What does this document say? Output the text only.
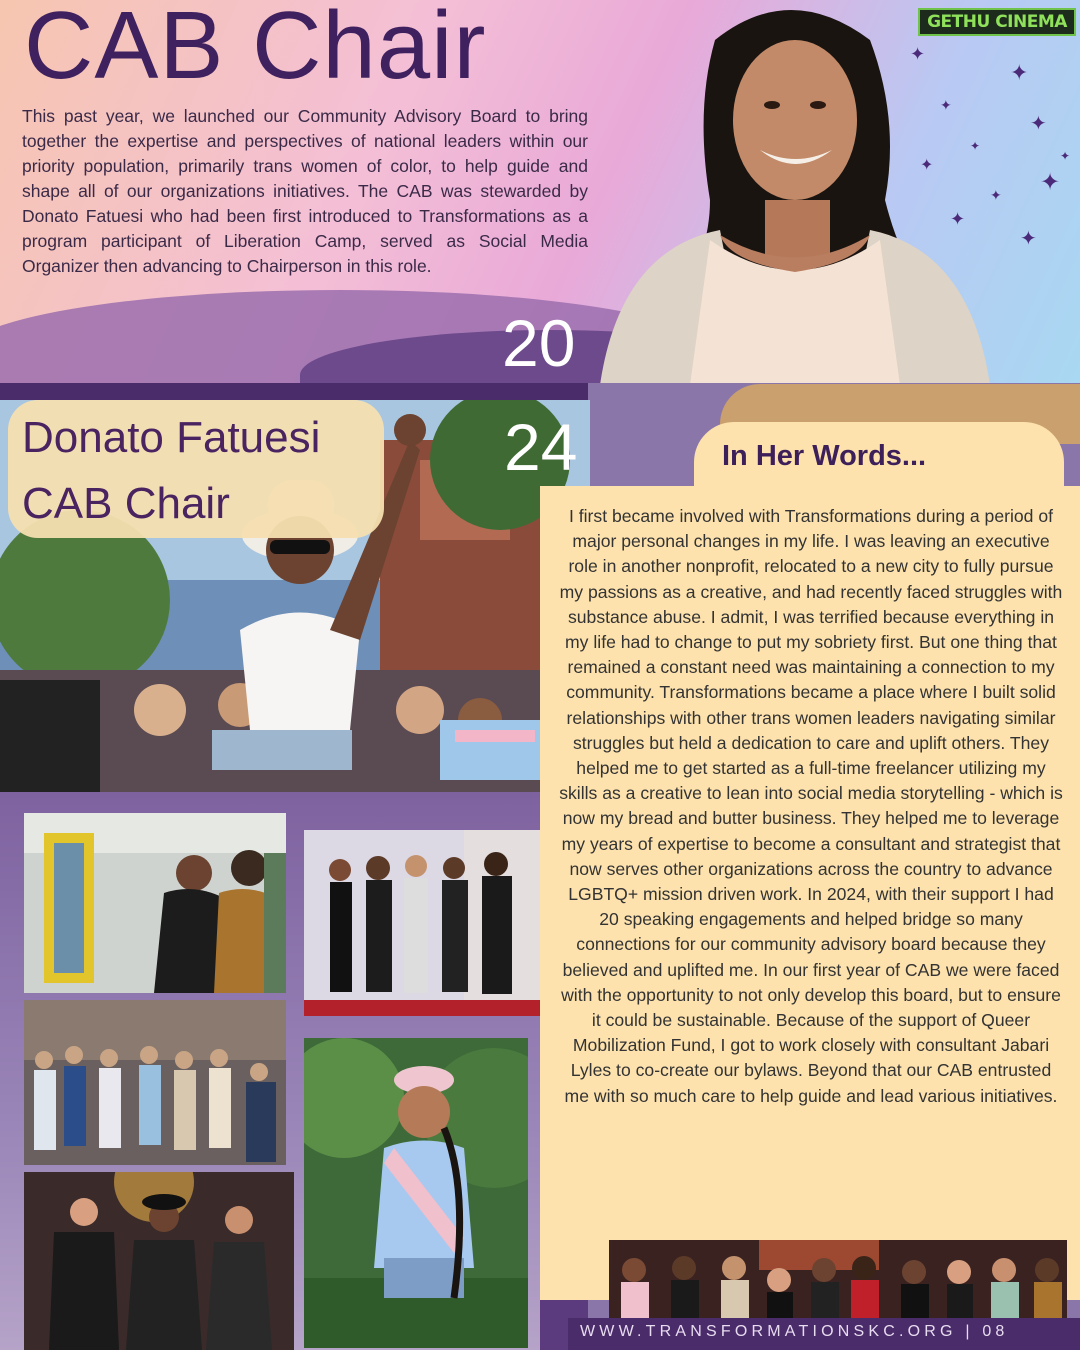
✦
✦
✦
✦
✦
✦
✦
✦
✦
✦
✦
GETHU CINEMA
CAB Chair

This past year, we launched our Community Advisory Board to bring together the expertise and perspectives of national leaders within our priority population, primarily trans women of color, to help guide and shape all of our organizations initiatives. The CAB was stewarded by Donato Fatuesi who had been first introduced to Transformations as a program participant of Liberation Camp, served as Social Media Organizer then advancing to Chairperson in this role.

20
Donato Fatuesi
CAB Chair
24	In Her Words...

I first became involved with Transformations during a period of major personal changes in my life. I was leaving an executive role in another nonprofit, relocated to a new city to fully pursue my passions as a creative, and had recently faced struggles with substance abuse. I admit, I was terrified because everything in my life had to change to put my sobriety first. But one thing that remained a constant need was maintaining a connection to my community. Transformations became a place where I built solid relationships with other trans women leaders navigating similar struggles but held a dedication to care and uplift others. They helped me to get started as a full-time freelancer utilizing my skills as a creative to lean into social media storytelling - which is now my bread and butter business. They helped me to leverage my years of expertise to become a consultant and strategist that now serves other organizations across the country to advance LGBTQ+ mission driven work. In 2024, with their support I had 20 speaking engagements and helped bridge so many connections for our community advisory board because they believed and uplifted me. In our first year of CAB we were faced with the opportunity to not only develop this board, but to ensure it could be sustainable. Because of the support of Queer Mobilization Fund, I got to work closely with consultant Jabari Lyles to co-create our bylaws. Beyond that our CAB entrusted me with so much care to help guide and lead various initiatives.

WWW.TRANSFORMATIONSKC.ORG | 08
